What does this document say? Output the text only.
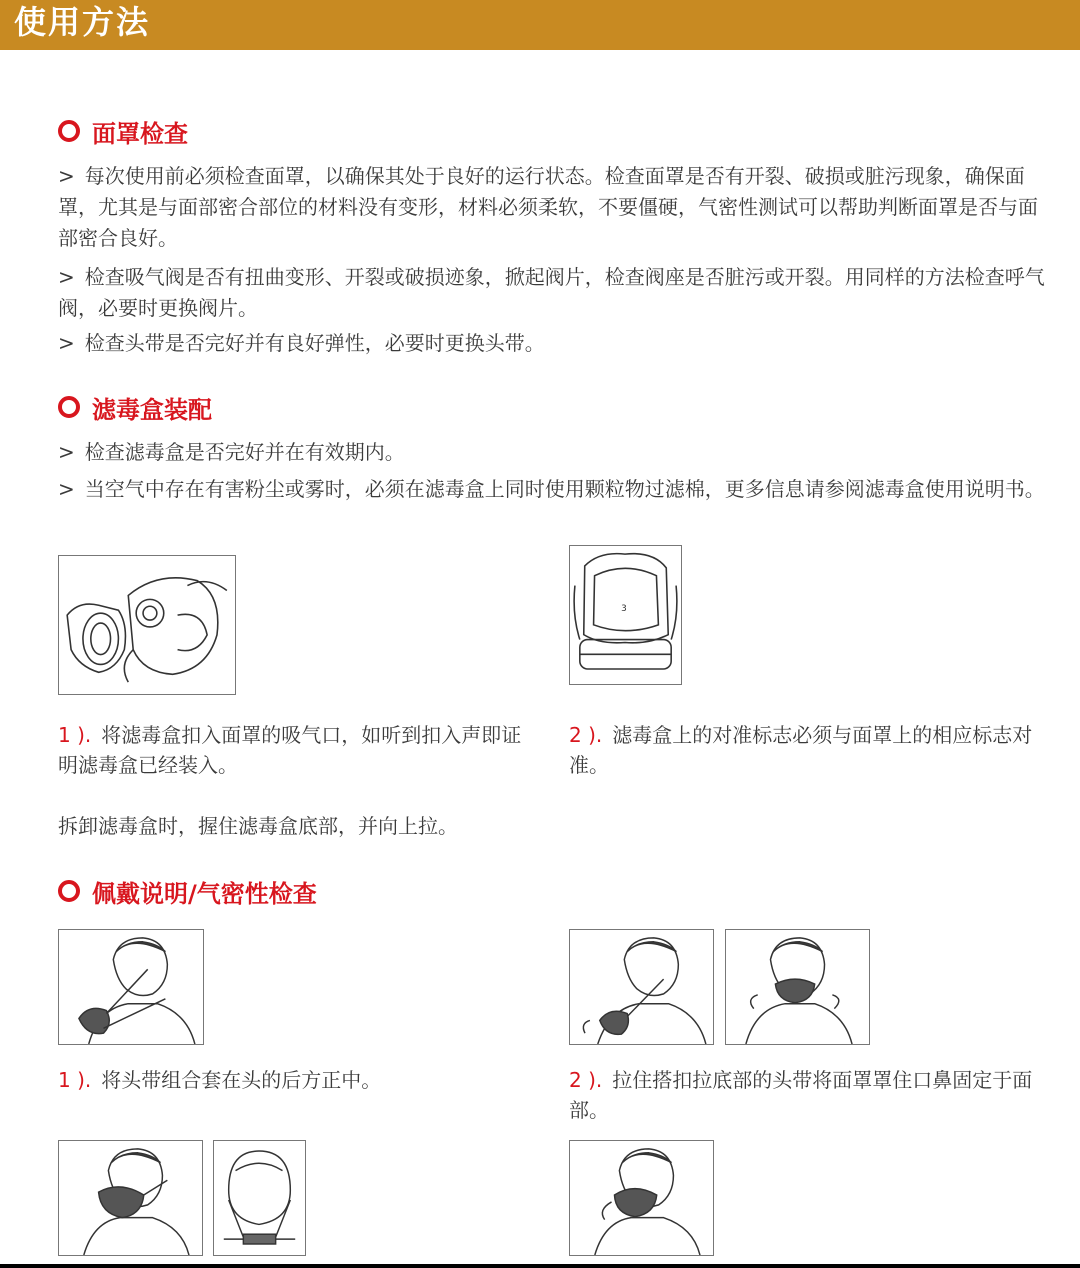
使用方法
面罩检查

> 每次使用前必须检查面罩，以确保其处于良好的运行状态。检查面罩是否有开裂、破损或脏污现象，确保面罩，尤其是与面部密合部位的材料没有变形，材料必须柔软，不要僵硬，气密性测试可以帮助判断面罩是否与面部密合良好。

> 检查吸气阀是否有扭曲变形、开裂或破损迹象，掀起阀片，检查阀座是否脏污或开裂。用同样的方法检查呼气阀，必要时更换阀片。

> 检查头带是否完好并有良好弹性，必要时更换头带。

滤毒盒装配

> 检查滤毒盒是否完好并在有效期内。

> 当空气中存在有害粉尘或雾时，必须在滤毒盒上同时使用颗粒物过滤棉，更多信息请参阅滤毒盒使用说明书。

3

1 ). 将滤毒盒扣入面罩的吸气口，如听到扣入声即证明滤毒盒已经装入。

2 ). 滤毒盒上的对准标志必须与面罩上的相应标志对准。

拆卸滤毒盒时，握住滤毒盒底部，并向上拉。

佩戴说明/气密性检查

1 ). 将头带组合套在头的后方正中。	2 ). 拉住搭扣拉底部的头带将面罩罩住口鼻固定于面部。
